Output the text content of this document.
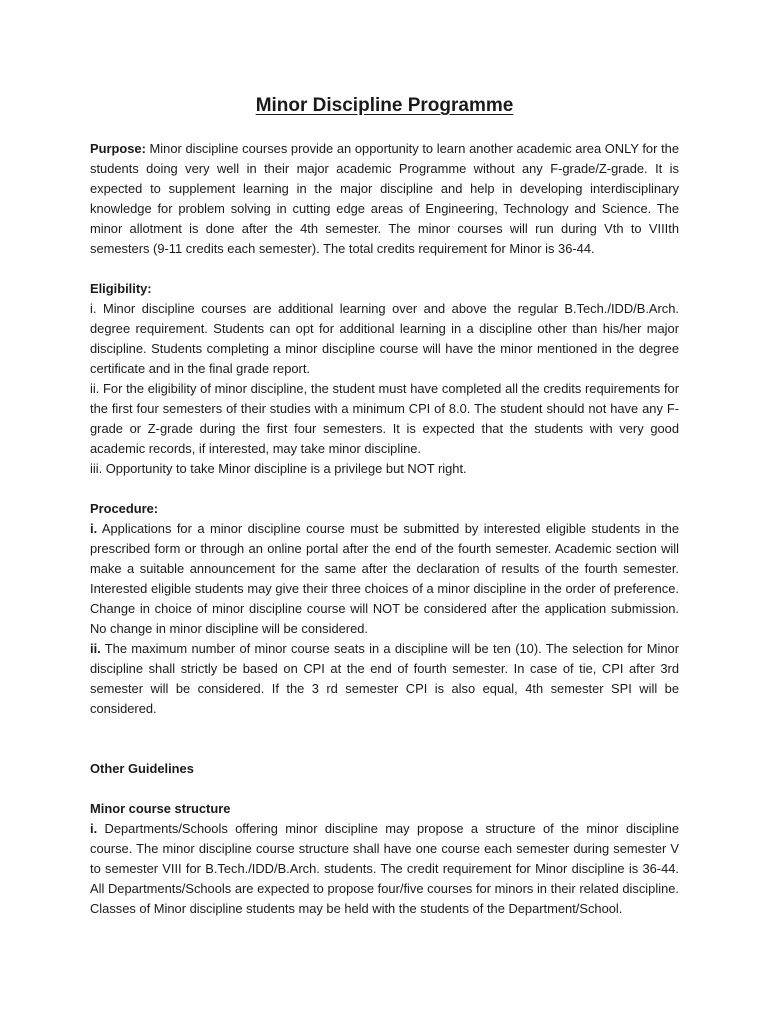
Minor Discipline Programme

Purpose: Minor discipline courses provide an opportunity to learn another academic area ONLY for the students doing very well in their major academic Programme without any F-grade/Z-grade. It is expected to supplement learning in the major discipline and help in developing interdisciplinary knowledge for problem solving in cutting edge areas of Engineering, Technology and Science. The minor allotment is done after the 4th semester. The minor courses will run during Vth to VIIIth semesters (9-11 credits each semester). The total credits requirement for Minor is 36-44.

Eligibility:

i. Minor discipline courses are additional learning over and above the regular B.Tech./IDD/B.Arch. degree requirement. Students can opt for additional learning in a discipline other than his/her major discipline. Students completing a minor discipline course will have the minor mentioned in the degree certificate and in the final grade report.

ii. For the eligibility of minor discipline, the student must have completed all the credits requirements for the first four semesters of their studies with a minimum CPI of 8.0. The student should not have any F-grade or Z-grade during the first four semesters. It is expected that the students with very good academic records, if interested, may take minor discipline.

iii. Opportunity to take Minor discipline is a privilege but NOT right.

Procedure:

i. Applications for a minor discipline course must be submitted by interested eligible students in the prescribed form or through an online portal after the end of the fourth semester. Academic section will make a suitable announcement for the same after the declaration of results of the fourth semester. Interested eligible students may give their three choices of a minor discipline in the order of preference. Change in choice of minor discipline course will NOT be considered after the application submission. No change in minor discipline will be considered.

ii. The maximum number of minor course seats in a discipline will be ten (10). The selection for Minor discipline shall strictly be based on CPI at the end of fourth semester. In case of tie, CPI after 3rd semester will be considered. If the 3 rd semester CPI is also equal, 4th semester SPI will be considered.

Other Guidelines

Minor course structure

i. Departments/Schools offering minor discipline may propose a structure of the minor discipline course. The minor discipline course structure shall have one course each semester during semester V to semester VIII for B.Tech./IDD/B.Arch. students. The credit requirement for Minor discipline is 36-44. All Departments/Schools are expected to propose four/five courses for minors in their related discipline. Classes of Minor discipline students may be held with the students of the Department/School.
